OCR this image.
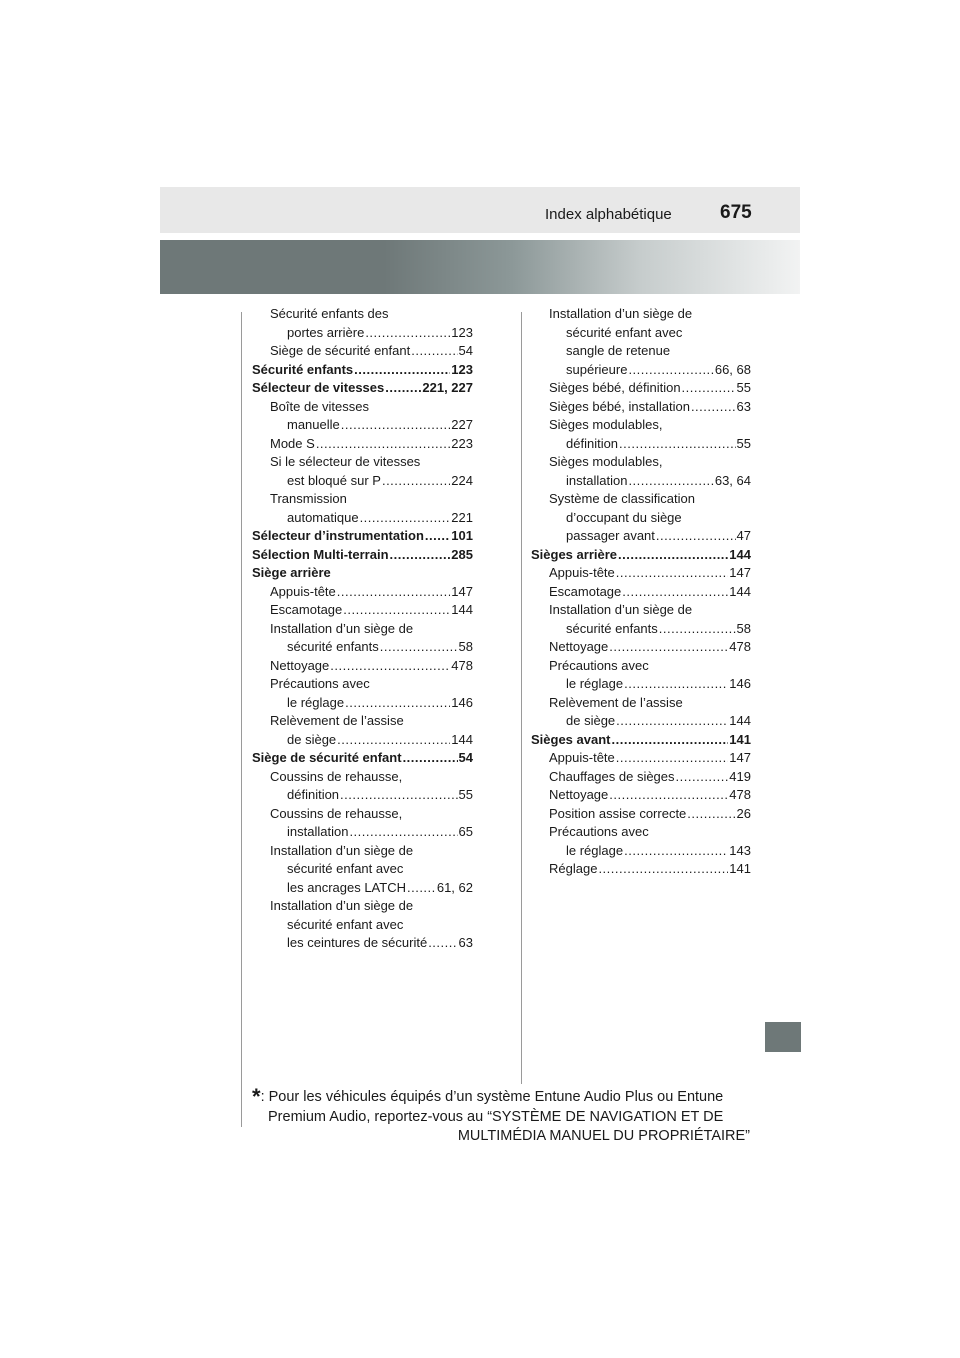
Index alphabétique	675
Sécurité enfants des
portes arrière .....	123
Siège de sécurité enfant .....	54
Sécurité enfants .....	123
Sélecteur de vitesses .....	221, 227
Boîte de vitesses
manuelle .....	227
Mode S .....	223
Si le sélecteur de vitesses
est bloqué sur P .....	224
Transmission
automatique .....	221
Sélecteur d’instrumentation ..... 101
Sélection Multi-terrain .....	285
Siège arrière
Appuis-tête .....	147
Escamotage .....	144
Installation d’un siège de
sécurité enfants .....	58
Nettoyage .....	478
Précautions avec
le réglage .....	146
Relèvement de l’assise
de siège .....	144
Siège de sécurité enfant .....	54
Coussins de rehausse,
définition .....	55
Coussins de rehausse,
installation .....	65
Installation d’un siège de
sécurité enfant avec
les ancrages LATCH ..... 61, 62
Installation d’un siège de
sécurité enfant avec
les ceintures de sécurité ..... 63
Installation d’un siège de
sécurité enfant avec
sangle de retenue
supérieure .....	66, 68
Sièges bébé, définition .....	55
Sièges bébé, installation .....	63
Sièges modulables,
définition .....	55
Sièges modulables,
installation .....	63, 64
Système de classification
d’occupant du siège
passager avant .....	47
Sièges arrière .....	144
Appuis-tête .....	147
Escamotage .....	144
Installation d’un siège de
sécurité enfants .....	58
Nettoyage .....	478
Précautions avec
le réglage .....	146
Relèvement de l’assise
de siège .....	144
Sièges avant .....	141
Appuis-tête .....	147
Chauffages de sièges .....	419
Nettoyage .....	478
Position assise correcte .....	26
Précautions avec
le réglage .....	143
Réglage .....	141
*: Pour les véhicules équipés d’un système Entune Audio Plus ou Entune
Premium Audio, reportez-vous au “SYSTÈME DE NAVIGATION ET DE
MULTIMÉDIA MANUEL DU PROPRIÉTAIRE”
